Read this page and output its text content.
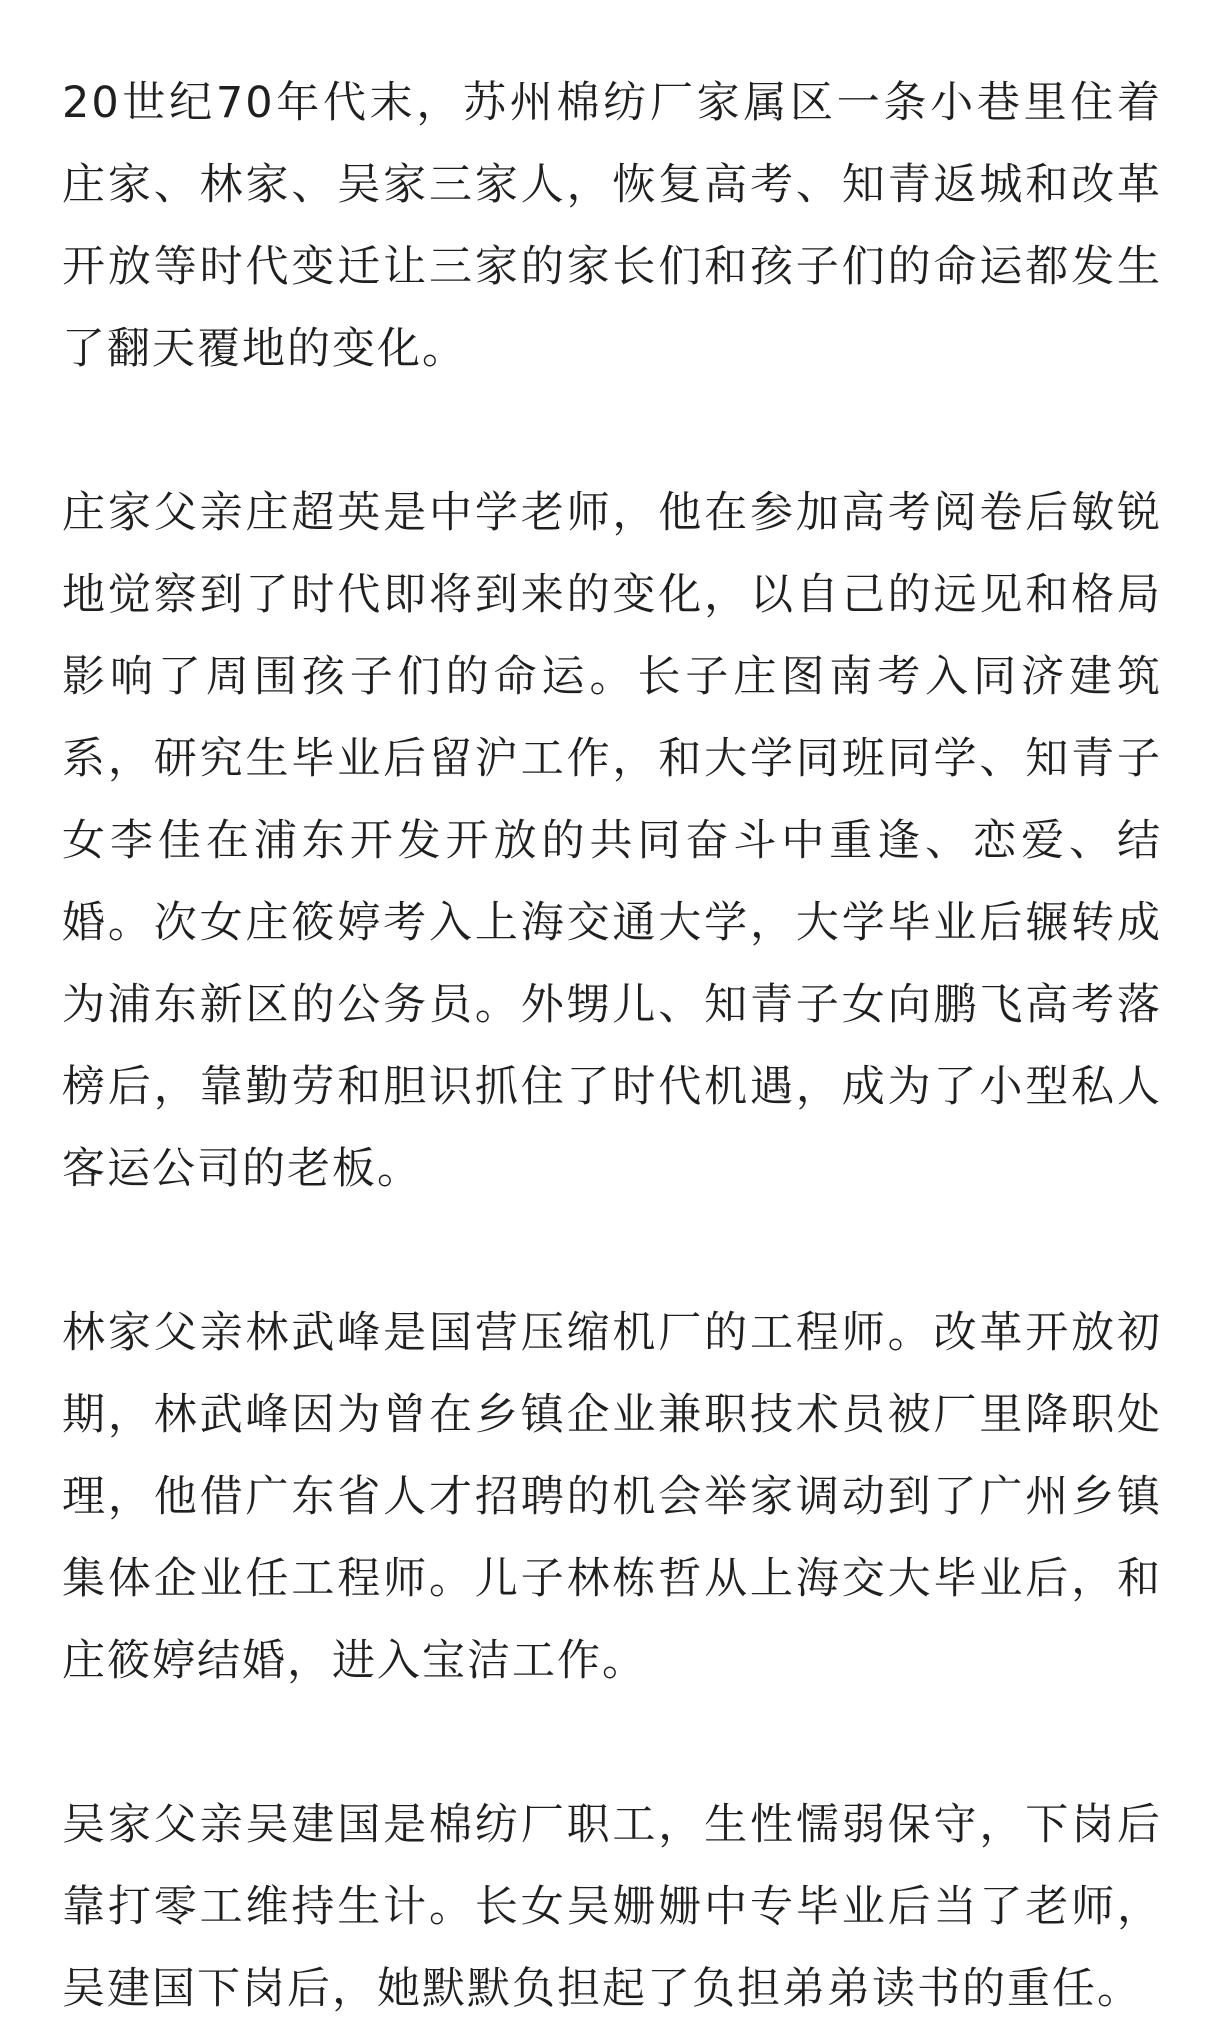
20世纪70年代末，苏州棉纺厂家属区一条小巷里住着庄家、林家、吴家三家人，恢复高考、知青返城和改革开放等时代变迁让三家的家长们和孩子们的命运都发生了翻天覆地的变化。

庄家父亲庄超英是中学老师，他在参加高考阅卷后敏锐地觉察到了时代即将到来的变化，以自己的远见和格局影响了周围孩子们的命运。长子庄图南考入同济建筑系，研究生毕业后留沪工作，和大学同班同学、知青子女李佳在浦东开发开放的共同奋斗中重逢、恋爱、结婚。次女庄筱婷考入上海交通大学，大学毕业后辗转成为浦东新区的公务员。外甥儿、知青子女向鹏飞高考落榜后，靠勤劳和胆识抓住了时代机遇，成为了小型私人客运公司的老板。

林家父亲林武峰是国营压缩机厂的工程师。改革开放初期，林武峰因为曾在乡镇企业兼职技术员被厂里降职处理，他借广东省人才招聘的机会举家调动到了广州乡镇集体企业任工程师。儿子林栋哲从上海交大毕业后，和庄筱婷结婚，进入宝洁工作。

吴家父亲吴建国是棉纺厂职工，生性懦弱保守，下岗后靠打零工维持生计。长女吴姗姗中专毕业后当了老师，吴建国下岗后，她默默负担起了负担弟弟读书的重任。
